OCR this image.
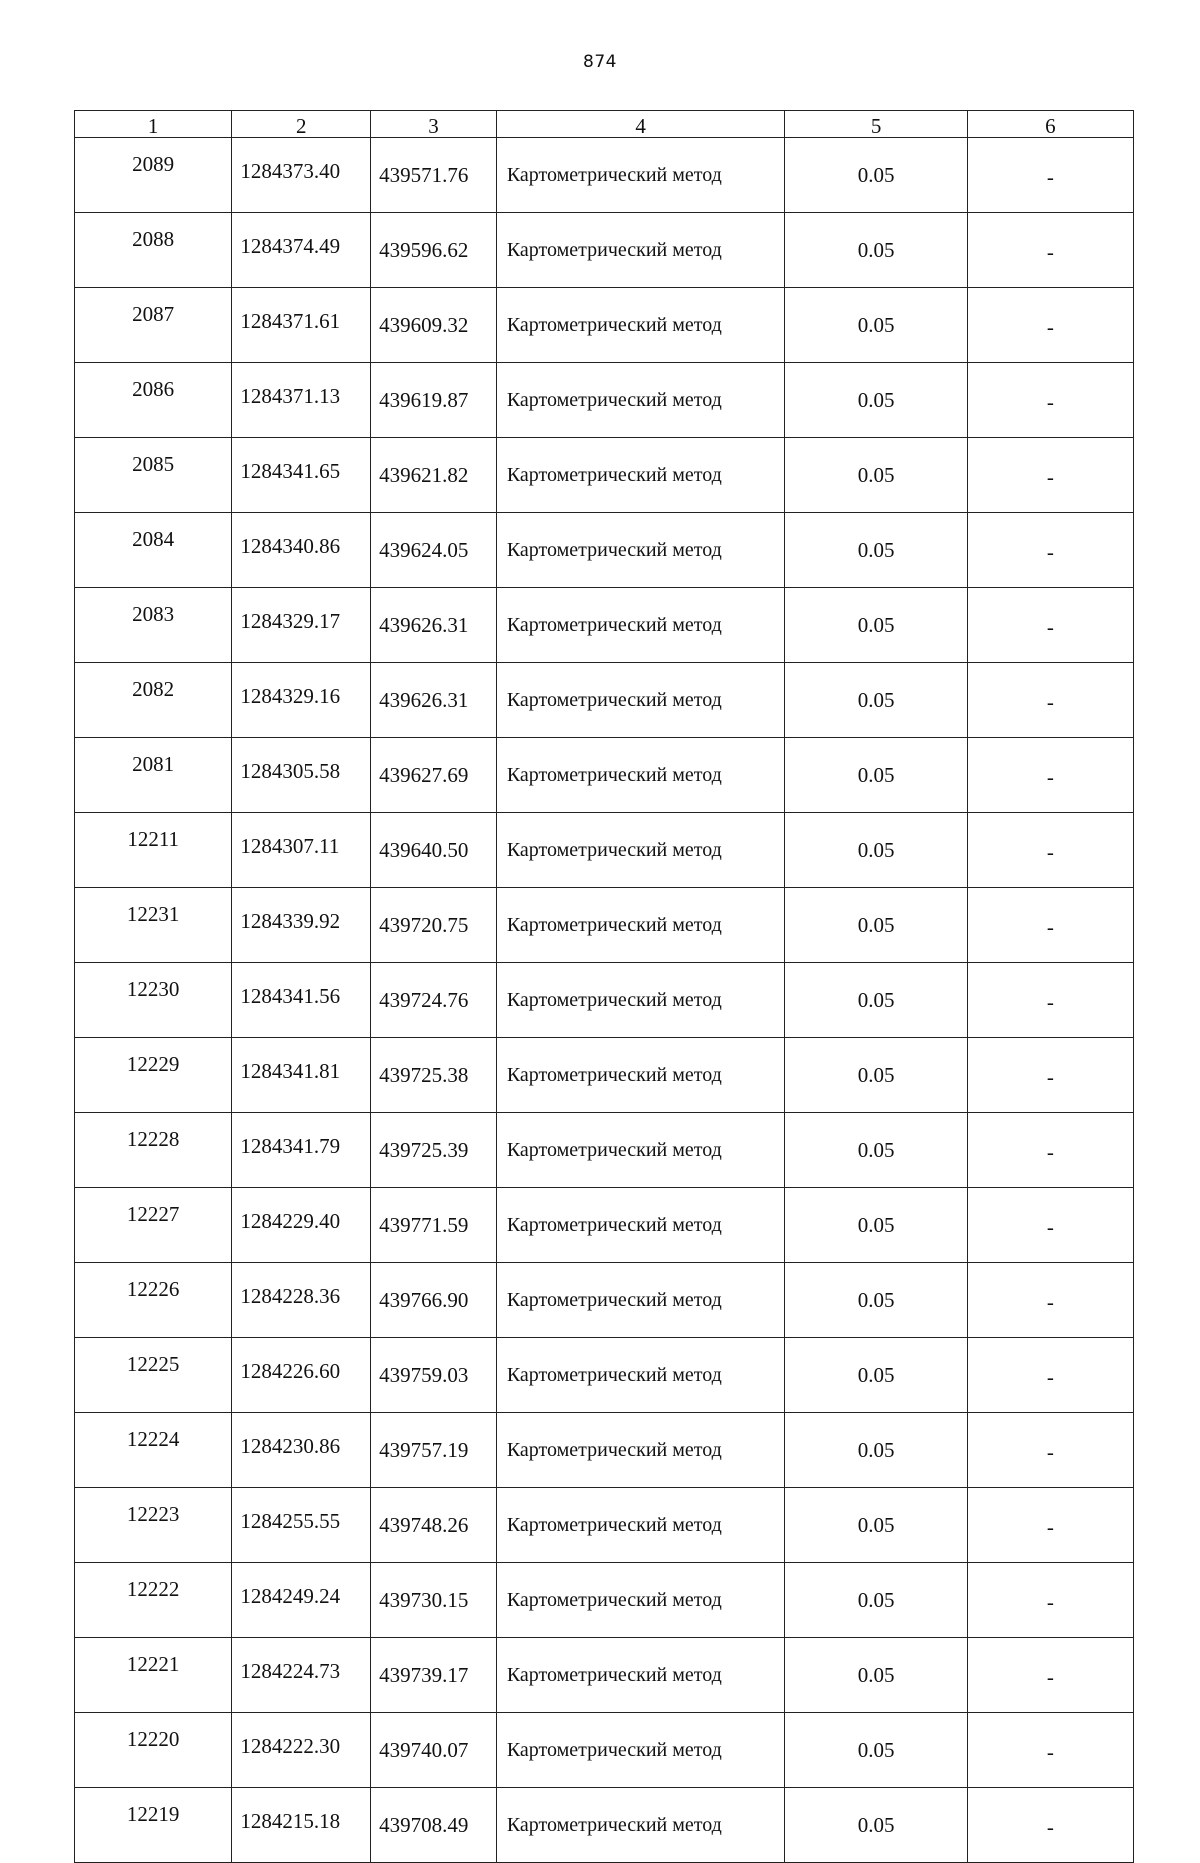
874
1	2	3	4	5	6
2089	1284373.40	439571.76	Картометрический метод	0.05	-
2088	1284374.49	439596.62	Картометрический метод	0.05	-
2087	1284371.61	439609.32	Картометрический метод	0.05	-
2086	1284371.13	439619.87	Картометрический метод	0.05	-
2085	1284341.65	439621.82	Картометрический метод	0.05	-
2084	1284340.86	439624.05	Картометрический метод	0.05	-
2083	1284329.17	439626.31	Картометрический метод	0.05	-
2082	1284329.16	439626.31	Картометрический метод	0.05	-
2081	1284305.58	439627.69	Картометрический метод	0.05	-
12211	1284307.11	439640.50	Картометрический метод	0.05	-
12231	1284339.92	439720.75	Картометрический метод	0.05	-
12230	1284341.56	439724.76	Картометрический метод	0.05	-
12229	1284341.81	439725.38	Картометрический метод	0.05	-
12228	1284341.79	439725.39	Картометрический метод	0.05	-
12227	1284229.40	439771.59	Картометрический метод	0.05	-
12226	1284228.36	439766.90	Картометрический метод	0.05	-
12225	1284226.60	439759.03	Картометрический метод	0.05	-
12224	1284230.86	439757.19	Картометрический метод	0.05	-
12223	1284255.55	439748.26	Картометрический метод	0.05	-
12222	1284249.24	439730.15	Картометрический метод	0.05	-
12221	1284224.73	439739.17	Картометрический метод	0.05	-
12220	1284222.30	439740.07	Картометрический метод	0.05	-
12219	1284215.18	439708.49	Картометрический метод	0.05	-
